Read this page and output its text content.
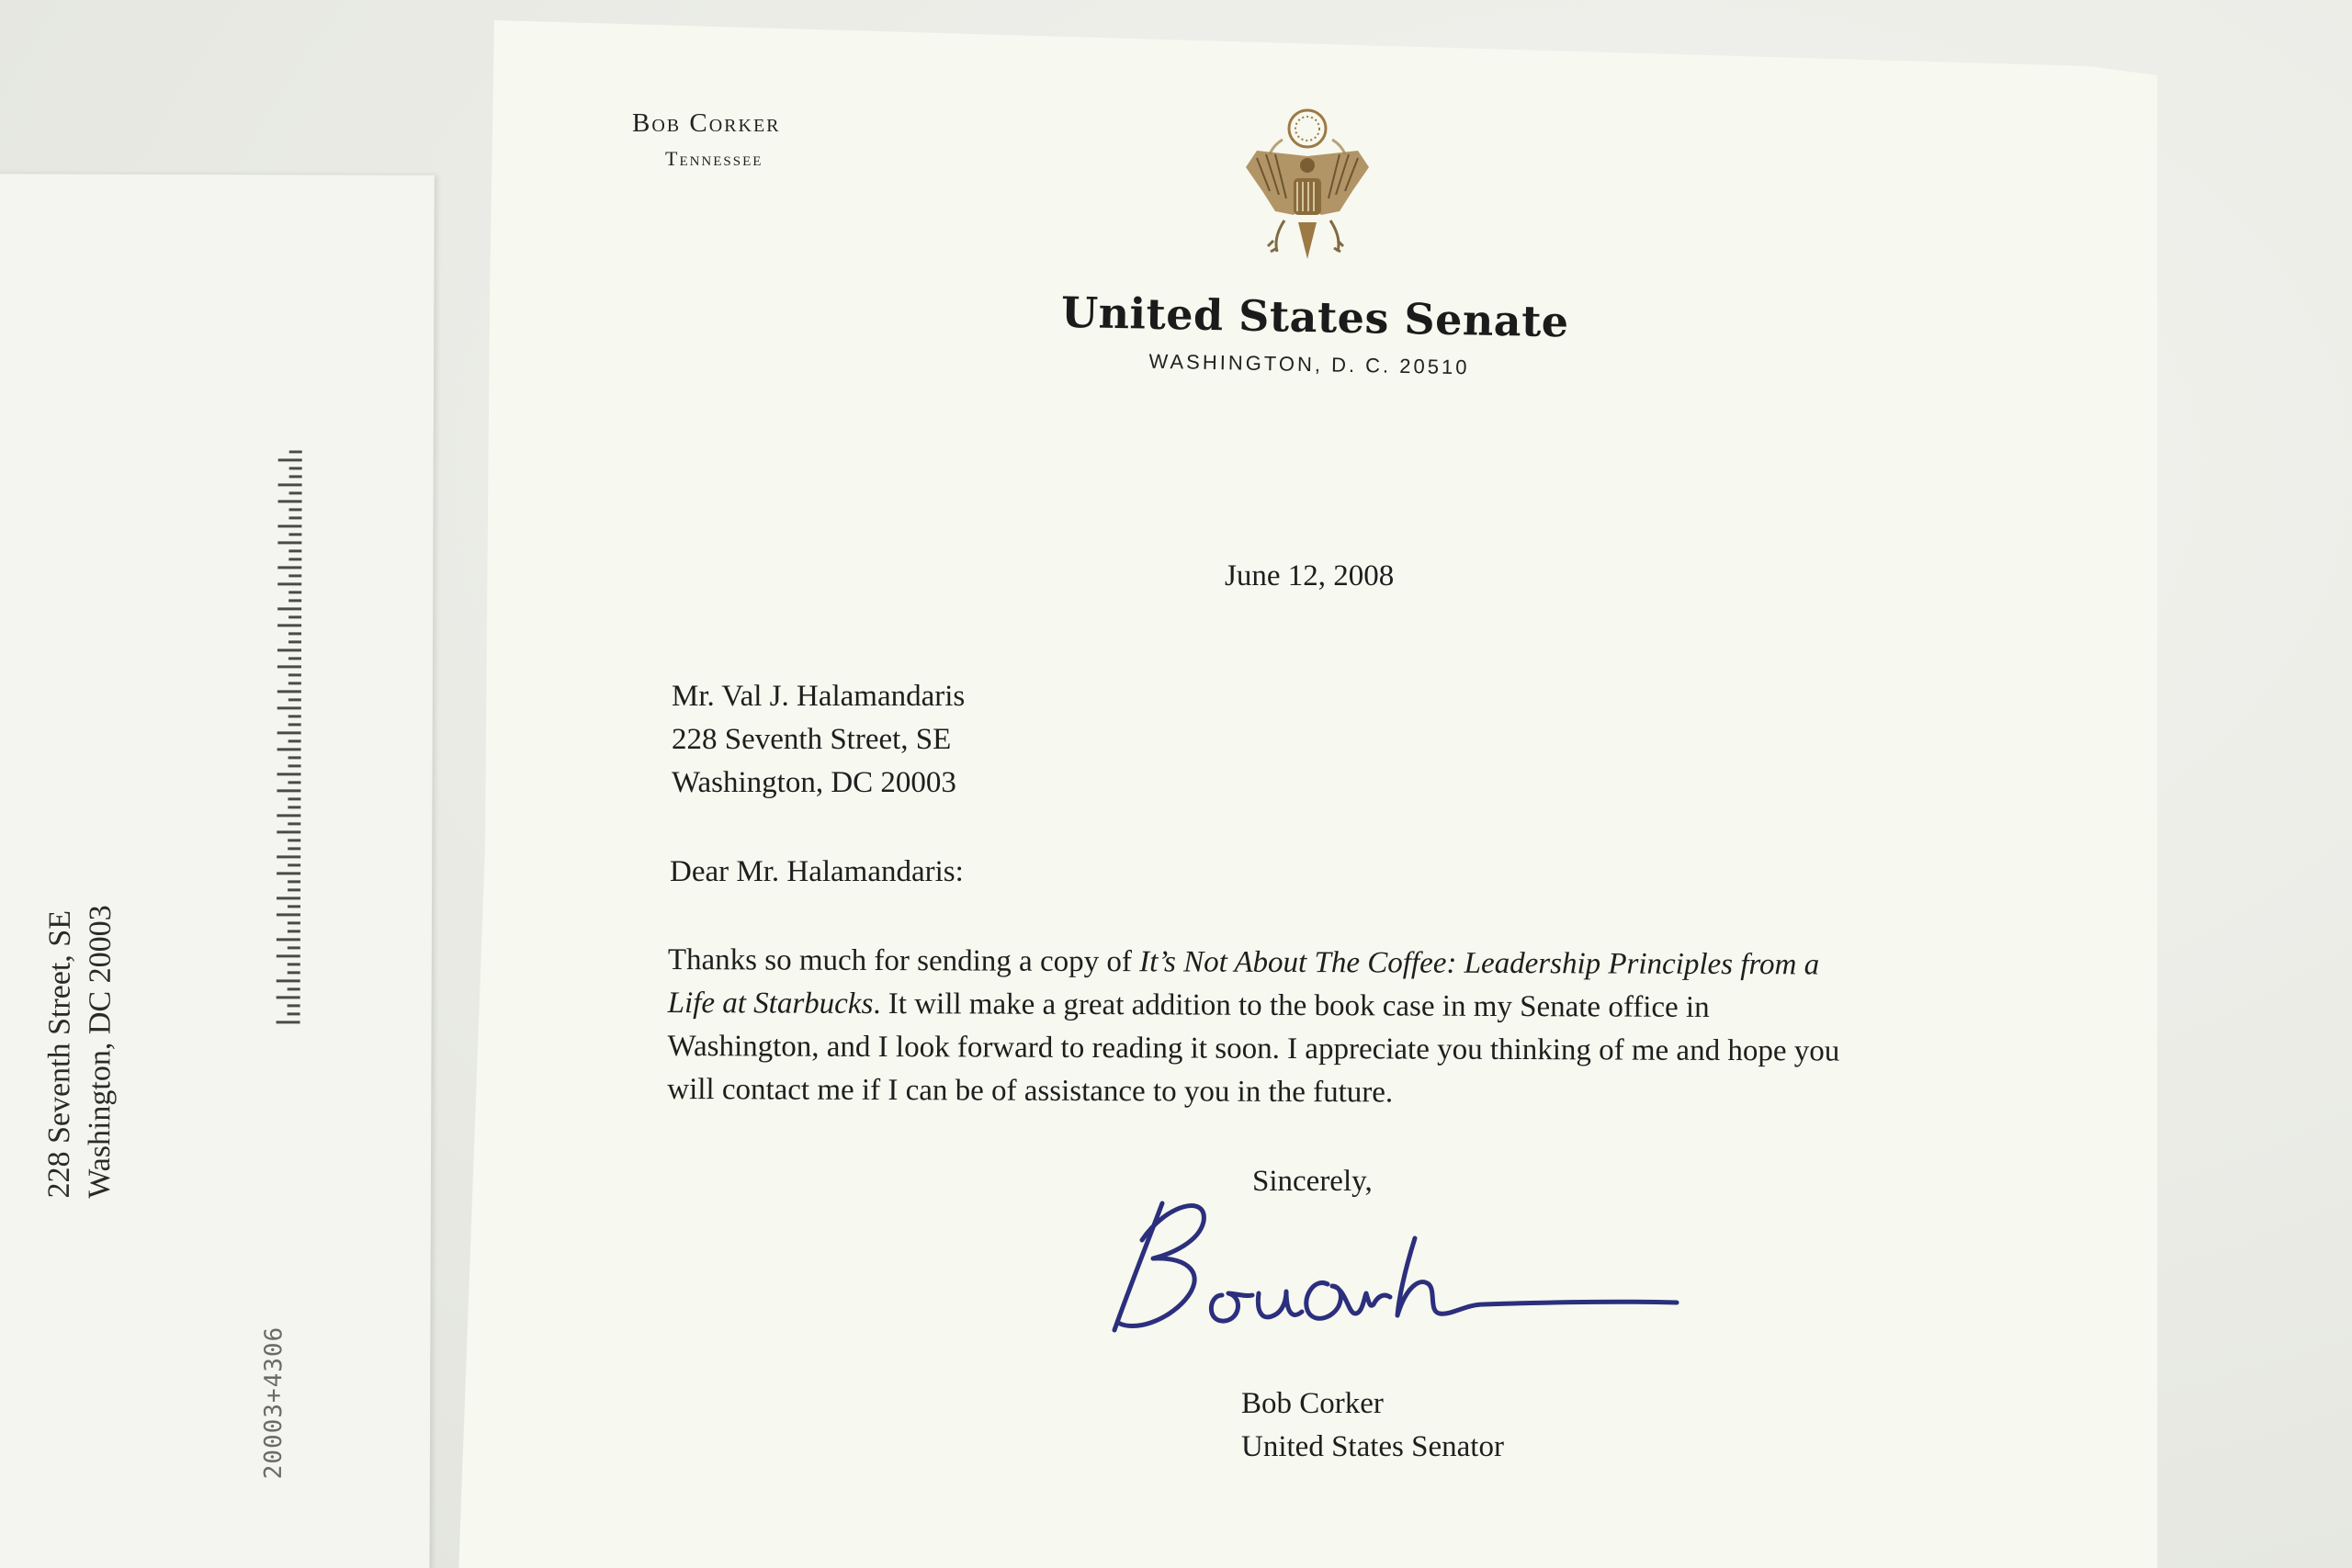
228 Seventh Street, SE Washington, DC 20003
20003+4306
Bob Corker
Tennessee
United States Senate
WASHINGTON, D. C. 20510
June 12, 2008
Mr. Val J. Halamandaris
228 Seventh Street, SE
Washington, DC 20003
Dear Mr. Halamandaris:
Thanks so much for sending a copy of It’s Not About The Coffee: Leadership Principles from a
Life at Starbucks. It will make a great addition to the book case in my Senate office in
Washington, and I look forward to reading it soon. I appreciate you thinking of me and hope you
will contact me if I can be of assistance to you in the future.
Sincerely,
Bob Corker
United States Senator
